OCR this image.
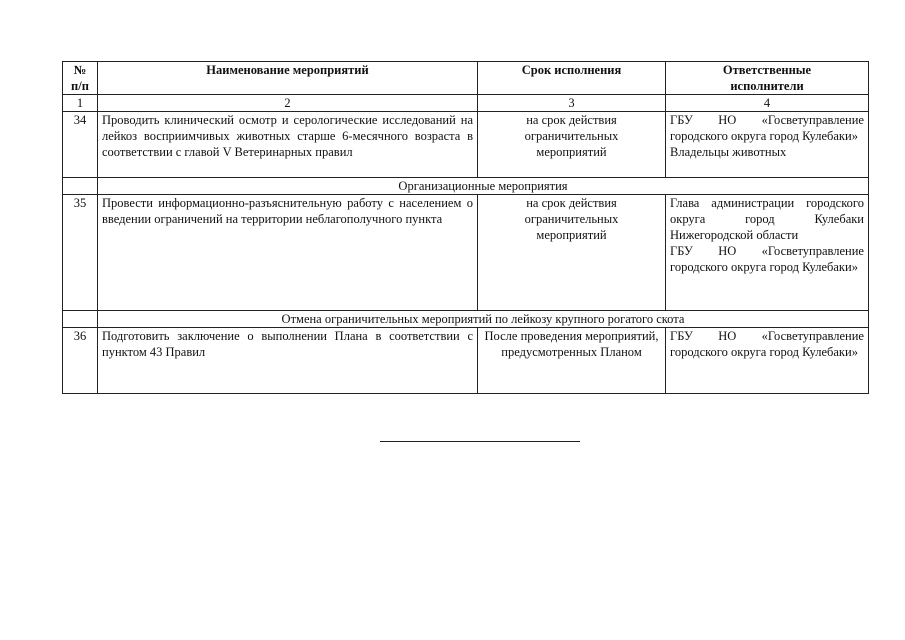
№ п/п	Наименование мероприятий	Срок исполнения	Ответственные исполнители
1	2	3	4
34	Проводить клинический осмотр и серологические исследований на лейкоз восприимчивых животных старше 6-месячного возраста в соответствии с главой V Ветеринарных правил	на срок действия ограничительных мероприятий	ГБУ НО «Госветуправление городского округа город Кулебаки»
Владельцы животных

	Организационные мероприятия		
35	Провести информационно-разъяснительную работу с населением о введении ограничений на территории неблагополучного пункта	на срок действия ограничительных мероприятий	Глава администрации городского округа город Кулебаки Нижегородской области
ГБУ НО «Госветуправление городского округа город Кулебаки»

	Отмена ограничительных мероприятий по лейкозу крупного рогатого скота		
36	Подготовить заключение о выполнении Плана в соответствии с пунктом 43 Правил	После проведения мероприятий, предусмотренных Планом	ГБУ НО «Госветуправление городского округа город Кулебаки»
